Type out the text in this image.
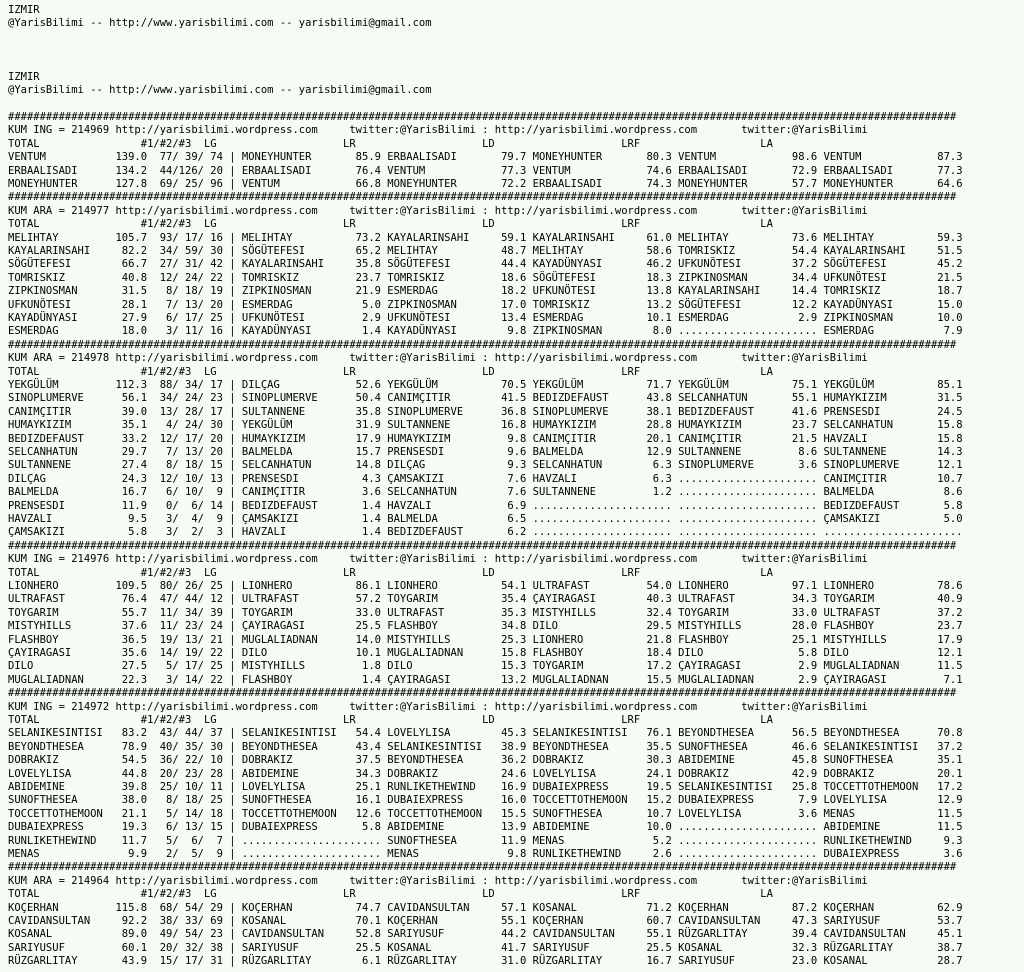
IZMIR
@YarisBilimi -- http://www.yarisbilimi.com -- yarisbilimi@gmail.com
IZMIR
@YarisBilimi -- http://www.yarisbilimi.com -- yarisbilimi@gmail.com
######################################################################################################################################################
KUM ING = 214969 http://yarisbilimi.wordpress.com     twitter:@YarisBilimi : http://yarisbilimi.wordpress.com       twitter:@YarisBilimi
TOTAL                #1/#2/#3  LG                    LR                    LD                    LRF                   LA
VENTUM           139.0  77/ 39/ 74 | MONEYHUNTER       85.9 ERBAALISADI       79.7 MONEYHUNTER       80.3 VENTUM            98.6 VENTUM            87.3
ERBAALISADI      134.2  44/126/ 20 | ERBAALISADI       76.4 VENTUM            77.3 VENTUM            74.6 ERBAALISADI       72.9 ERBAALISADI       77.3
MONEYHUNTER      127.8  69/ 25/ 96 | VENTUM            66.8 MONEYHUNTER       72.2 ERBAALISADI       74.3 MONEYHUNTER       57.7 MONEYHUNTER       64.6
######################################################################################################################################################
KUM ARA = 214977 http://yarisbilimi.wordpress.com     twitter:@YarisBilimi : http://yarisbilimi.wordpress.com       twitter:@YarisBilimi
TOTAL                #1/#2/#3  LG                    LR                    LD                    LRF                   LA
MELIHTAY         105.7  93/ 17/ 16 | MELIHTAY          73.2 KAYALARINSAHI     59.1 KAYALARINSAHI     61.0 MELIHTAY          73.6 MELIHTAY          59.3
KAYALARINSAHI     82.2  34/ 59/ 30 | SÖGÜTEFESI        65.2 MELIHTAY          48.7 MELIHTAY          58.6 TOMRISKIZ         54.4 KAYALARINSAHI     51.5
SÖGÜTEFESI        66.7  27/ 31/ 42 | KAYALARINSAHI     35.8 SÖGÜTEFESI        44.4 KAYADÜNYASI       46.2 UFKUNÖTESI        37.2 SÖGÜTEFESI        45.2
TOMRISKIZ         40.8  12/ 24/ 22 | TOMRISKIZ         23.7 TOMRISKIZ         18.6 SÖGÜTEFESI        18.3 ZIPKINOSMAN       34.4 UFKUNÖTESI        21.5
ZIPKINOSMAN       31.5   8/ 18/ 19 | ZIPKINOSMAN       21.9 ESMERDAG          18.2 UFKUNÖTESI        13.8 KAYALARINSAHI     14.4 TOMRISKIZ         18.7
UFKUNÖTESI        28.1   7/ 13/ 20 | ESMERDAG           5.0 ZIPKINOSMAN       17.0 TOMRISKIZ         13.2 SÖGÜTEFESI        12.2 KAYADÜNYASI       15.0
KAYADÜNYASI       27.9   6/ 17/ 25 | UFKUNÖTESI         2.9 UFKUNÖTESI        13.4 ESMERDAG          10.1 ESMERDAG           2.9 ZIPKINOSMAN       10.0
ESMERDAG          18.0   3/ 11/ 16 | KAYADÜNYASI        1.4 KAYADÜNYASI        9.8 ZIPKINOSMAN        8.0 ...................... ESMERDAG           7.9
######################################################################################################################################################
KUM ARA = 214978 http://yarisbilimi.wordpress.com     twitter:@YarisBilimi : http://yarisbilimi.wordpress.com       twitter:@YarisBilimi
TOTAL                #1/#2/#3  LG                    LR                    LD                    LRF                   LA
YEKGÜLÜM         112.3  88/ 34/ 17 | DILÇAG            52.6 YEKGÜLÜM          70.5 YEKGÜLÜM          71.7 YEKGÜLÜM          75.1 YEKGÜLÜM          85.1
SINOPLUMERVE      56.1  34/ 24/ 23 | SINOPLUMERVE      50.4 CANIMÇITIR        41.5 BEDIZDEFAUST      43.8 SELCANHATUN       55.1 HUMAYKIZIM        31.5
CANIMÇITIR        39.0  13/ 28/ 17 | SULTANNENE        35.8 SINOPLUMERVE      36.8 SINOPLUMERVE      38.1 BEDIZDEFAUST      41.6 PRENSESDI         24.5
HUMAYKIZIM        35.1   4/ 24/ 30 | YEKGÜLÜM          31.9 SULTANNENE        16.8 HUMAYKIZIM        28.8 HUMAYKIZIM        23.7 SELCANHATUN       15.8
BEDIZDEFAUST      33.2  12/ 17/ 20 | HUMAYKIZIM        17.9 HUMAYKIZIM         9.8 CANIMÇITIR        20.1 CANIMÇITIR        21.5 HAVZALI           15.8
SELCANHATUN       29.7   7/ 13/ 20 | BALMELDA          15.7 PRENSESDI          9.6 BALMELDA          12.9 SULTANNENE         8.6 SULTANNENE        14.3
SULTANNENE        27.4   8/ 18/ 15 | SELCANHATUN       14.8 DILÇAG             9.3 SELCANHATUN        6.3 SINOPLUMERVE       3.6 SINOPLUMERVE      12.1
DILÇAG            24.3  12/ 10/ 13 | PRENSESDI          4.3 ÇAMSAKIZI          7.6 HAVZALI            6.3 ...................... CANIMÇITIR        10.7
BALMELDA          16.7   6/ 10/  9 | CANIMÇITIR         3.6 SELCANHATUN        7.6 SULTANNENE         1.2 ...................... BALMELDA           8.6
PRENSESDI         11.9   0/  6/ 14 | BEDIZDEFAUST       1.4 HAVZALI            6.9 ...................... ...................... BEDIZDEFAUST       5.8
HAVZALI            9.5   3/  4/  9 | ÇAMSAKIZI          1.4 BALMELDA           6.5 ...................... ...................... ÇAMSAKIZI          5.0
ÇAMSAKIZI          5.8   3/  2/  3 | HAVZALI            1.4 BEDIZDEFAUST       6.2 ...................... ...................... ......................
######################################################################################################################################################
KUM ING = 214976 http://yarisbilimi.wordpress.com     twitter:@YarisBilimi : http://yarisbilimi.wordpress.com       twitter:@YarisBilimi
TOTAL                #1/#2/#3  LG                    LR                    LD                    LRF                   LA
LIONHERO         109.5  80/ 26/ 25 | LIONHERO          86.1 LIONHERO          54.1 ULTRAFAST         54.0 LIONHERO          97.1 LIONHERO          78.6
ULTRAFAST         76.4  47/ 44/ 12 | ULTRAFAST         57.2 TOYGARIM          35.4 ÇAYIRAGASI        40.3 ULTRAFAST         34.3 TOYGARIM          40.9
TOYGARIM          55.7  11/ 34/ 39 | TOYGARIM          33.0 ULTRAFAST         35.3 MISTYHILLS        32.4 TOYGARIM          33.0 ULTRAFAST         37.2
MISTYHILLS        37.6  11/ 23/ 24 | ÇAYIRAGASI        25.5 FLASHBOY          34.8 DILO              29.5 MISTYHILLS        28.0 FLASHBOY          23.7
FLASHBOY          36.5  19/ 13/ 21 | MUGLALIADNAN      14.0 MISTYHILLS        25.3 LIONHERO          21.8 FLASHBOY          25.1 MISTYHILLS        17.9
ÇAYIRAGASI        35.6  14/ 19/ 22 | DILO              10.1 MUGLALIADNAN      15.8 FLASHBOY          18.4 DILO               5.8 DILO              12.1
DILO              27.5   5/ 17/ 25 | MISTYHILLS         1.8 DILO              15.3 TOYGARIM          17.2 ÇAYIRAGASI         2.9 MUGLALIADNAN      11.5
MUGLALIADNAN      22.3   3/ 14/ 22 | FLASHBOY           1.4 ÇAYIRAGASI        13.2 MUGLALIADNAN      15.5 MUGLALIADNAN       2.9 ÇAYIRAGASI         7.1
######################################################################################################################################################
KUM ING = 214972 http://yarisbilimi.wordpress.com     twitter:@YarisBilimi : http://yarisbilimi.wordpress.com       twitter:@YarisBilimi
TOTAL                #1/#2/#3  LG                    LR                    LD                    LRF                   LA
SELANIKESINTISI   83.2  43/ 44/ 37 | SELANIKESINTISI   54.4 LOVELYLISA        45.3 SELANIKESINTISI   76.1 BEYONDTHESEA      56.5 BEYONDTHESEA      70.8
BEYONDTHESEA      78.9  40/ 35/ 30 | BEYONDTHESEA      43.4 SELANIKESINTISI   38.9 BEYONDTHESEA      35.5 SUNOFTHESEA       46.6 SELANIKESINTISI   37.2
DOBRAKIZ          54.5  36/ 22/ 10 | DOBRAKIZ          37.5 BEYONDTHESEA      36.2 DOBRAKIZ          30.3 ABIDEMINE         45.8 SUNOFTHESEA       35.1
LOVELYLISA        44.8  20/ 23/ 28 | ABIDEMINE         34.3 DOBRAKIZ          24.6 LOVELYLISA        24.1 DOBRAKIZ          42.9 DOBRAKIZ          20.1
ABIDEMINE         39.8  25/ 10/ 11 | LOVELYLISA        25.1 RUNLIKETHEWIND    16.9 DUBAIEXPRESS      19.5 SELANIKESINTISI   25.8 TOCCETTOTHEMOON   17.2
SUNOFTHESEA       38.0   8/ 18/ 25 | SUNOFTHESEA       16.1 DUBAIEXPRESS      16.0 TOCCETTOTHEMOON   15.2 DUBAIEXPRESS       7.9 LOVELYLISA        12.9
TOCCETTOTHEMOON   21.1   5/ 14/ 18 | TOCCETTOTHEMOON   12.6 TOCCETTOTHEMOON   15.5 SUNOFTHESEA       10.7 LOVELYLISA         3.6 MENAS             11.5
DUBAIEXPRESS      19.3   6/ 13/ 15 | DUBAIEXPRESS       5.8 ABIDEMINE         13.9 ABIDEMINE         10.0 ...................... ABIDEMINE         11.5
RUNLIKETHEWIND    11.7   5/  6/  7 | ...................... SUNOFTHESEA       11.9 MENAS              5.2 ...................... RUNLIKETHEWIND     9.3
MENAS              9.9   2/  5/  9 | ...................... MENAS              9.8 RUNLIKETHEWIND     2.6 ...................... DUBAIEXPRESS       3.6
######################################################################################################################################################
KUM ARA = 214964 http://yarisbilimi.wordpress.com     twitter:@YarisBilimi : http://yarisbilimi.wordpress.com       twitter:@YarisBilimi
TOTAL                #1/#2/#3  LG                    LR                    LD                    LRF                   LA
KOÇERHAN         115.8  68/ 54/ 29 | KOÇERHAN          74.7 CAVIDANSULTAN     57.1 KOSANAL           71.2 KOÇERHAN          87.2 KOÇERHAN          62.9
CAVIDANSULTAN     92.2  38/ 33/ 69 | KOSANAL           70.1 KOÇERHAN          55.1 KOÇERHAN          60.7 CAVIDANSULTAN     47.3 SARIYUSUF         53.7
KOSANAL           89.0  49/ 54/ 23 | CAVIDANSULTAN     52.8 SARIYUSUF         44.2 CAVIDANSULTAN     55.1 RÜZGARLITAY       39.4 CAVIDANSULTAN     45.1
SARIYUSUF         60.1  20/ 32/ 38 | SARIYUSUF         25.5 KOSANAL           41.7 SARIYUSUF         25.5 KOSANAL           32.3 RÜZGARLITAY       38.7
RÜZGARLITAY       43.9  15/ 17/ 31 | RÜZGARLITAY        6.1 RÜZGARLITAY       31.0 RÜZGARLITAY       16.7 SARIYUSUF         23.0 KOSANAL           28.7
